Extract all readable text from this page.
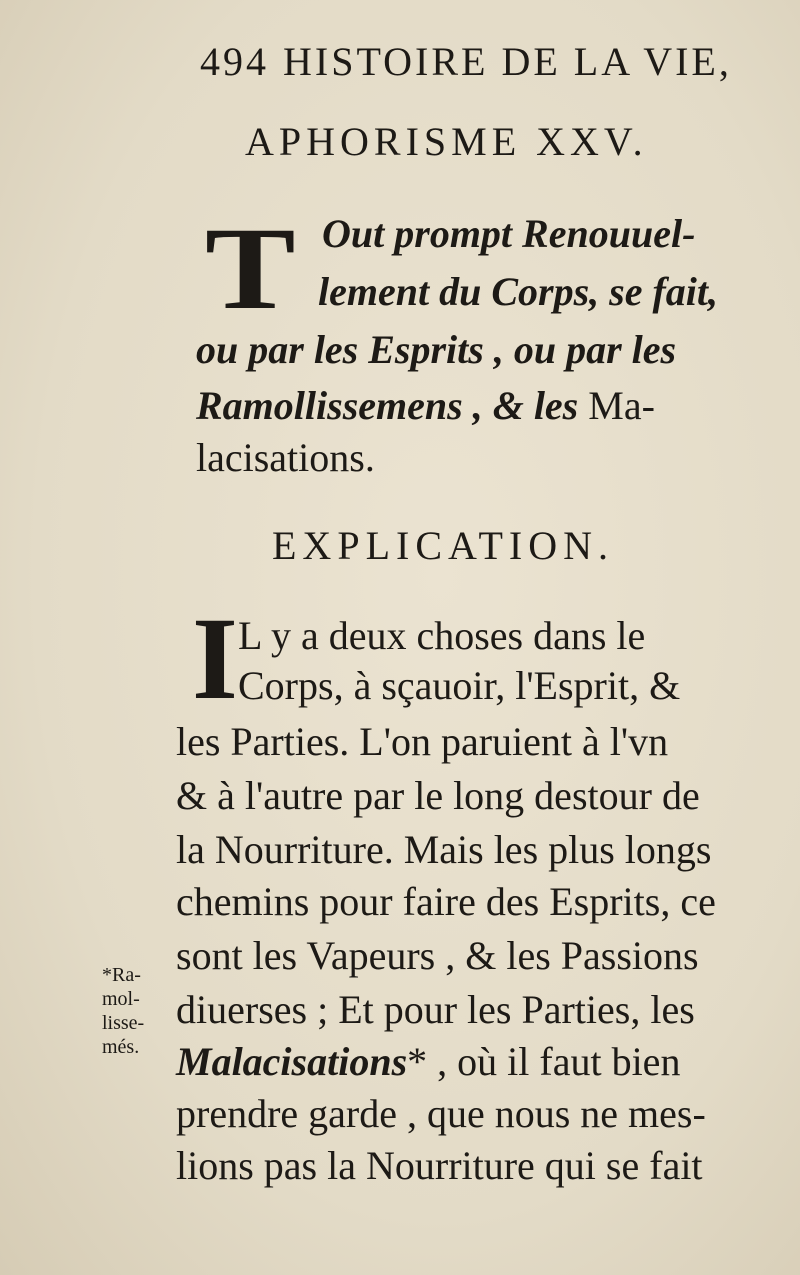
494 HISTOIRE DE LA VIE,
APHORISME XXV.
T Out prompt Renouuel-
lement du Corps, se fait,
ou par les Esprits , ou par les
Ramollissemens , & les Ma-
lacisations.
EXPLICATION.
I L y a deux choses dans le
Corps, à sçauoir, l'Esprit, &
les Parties. L'on paruient à l'vn
& à l'autre par le long destour de
la Nourriture. Mais les plus longs
chemins pour faire des Esprits, ce
sont les Vapeurs , & les Passions
diuerses ; Et pour les Parties, les
Malacisations* , où il faut bien
prendre garde , que nous ne mes-
lions pas la Nourriture qui se fait
*Ra-
mol-
lisse-
més.
